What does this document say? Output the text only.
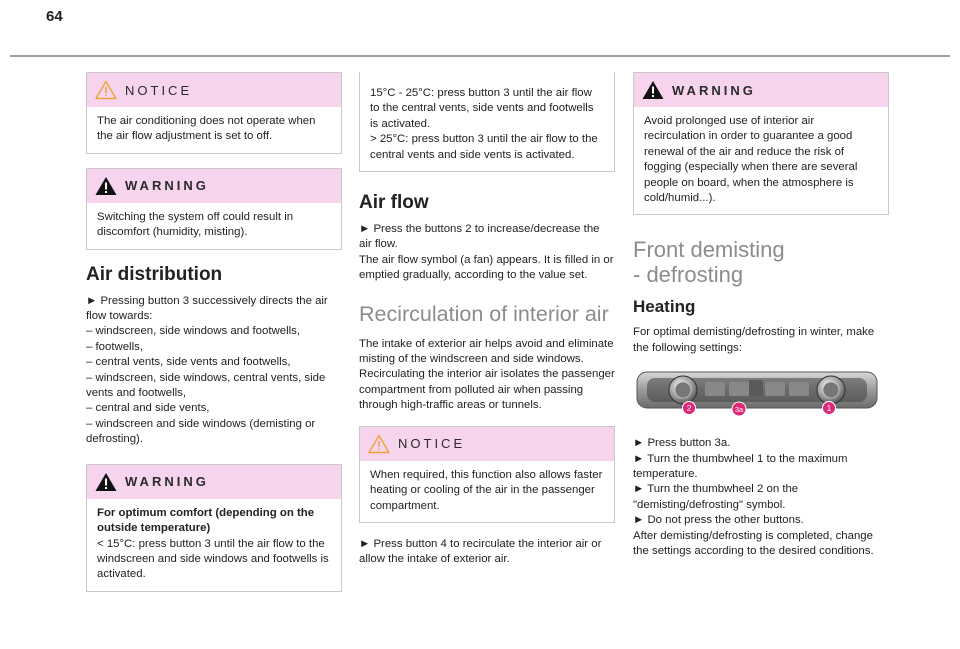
64
NOTICE

The air conditioning does not operate when the air flow adjustment is set to off.

WARNING

Switching the system off could result in discomfort (humidity, misting).

Air distribution
► Pressing button 3 successively directs the air flow towards:
– windscreen, side windows and footwells,
– footwells,
– central vents, side vents and footwells,
– windscreen, side windows, central vents, side vents and footwells,
– central and side vents,
– windscreen and side windows (demisting or defrosting).
WARNING

For optimum comfort (depending on the outside temperature)

< 15°C: press button 3 until the air flow to the windscreen and side windows and footwells is activated.

15°C - 25°C: press button 3 until the air flow to the central vents, side vents and footwells is activated.

> 25°C: press button 3 until the air flow to the central vents and side vents is activated.

Air flow
► Press the buttons 2 to increase/decrease the air flow.
The air flow symbol (a fan) appears. It is filled in or emptied gradually, according to the value set.
Recirculation of interior air
The intake of exterior air helps avoid and eliminate misting of the windscreen and side windows.
Recirculating the interior air isolates the passenger compartment from polluted air when passing through high-traffic areas or tunnels.
NOTICE

When required, this function also allows faster heating or cooling of the air in the passenger compartment.

► Press button 4 to recirculate the interior air or allow the intake of exterior air.

WARNING

Avoid prolonged use of interior air recirculation in order to guarantee a good renewal of the air and reduce the risk of fogging (especially when there are several people on board, when the atmosphere is cold/humid...).

Front demisting
- defrosting
Heating

For optimal demisting/defrosting in winter, make the following settings:

2	3a	1
► Press button 3a.
► Turn the thumbwheel 1 to the maximum temperature.
► Turn the thumbwheel 2 on the "demisting/defrosting" symbol.
► Do not press the other buttons.
After demisting/defrosting is completed, change the settings according to the desired conditions.
